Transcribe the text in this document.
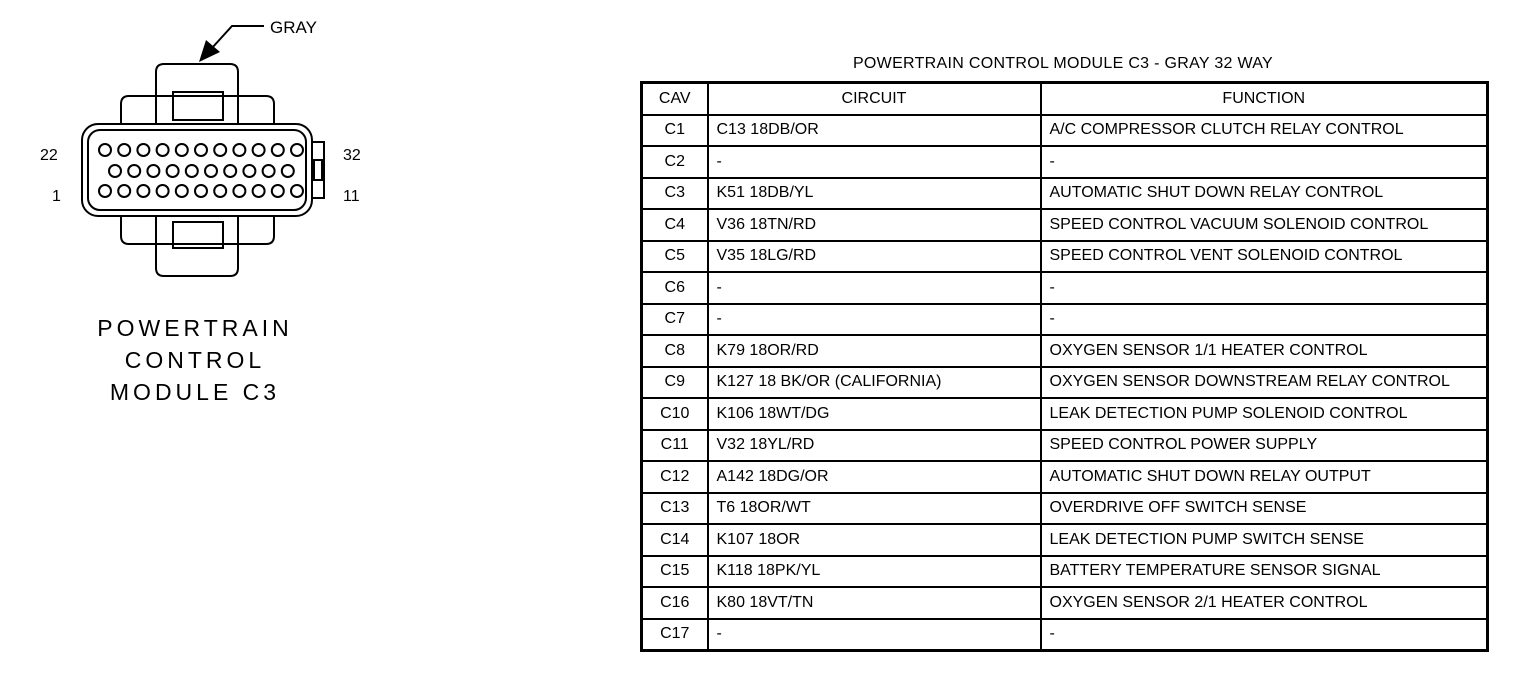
GRAY
22
1
32
11
POWERTRAIN
CONTROL
MODULE C3
POWERTRAIN CONTROL MODULE C3 - GRAY 32 WAY
CAV	CIRCUIT	FUNCTION
C1	C13 18DB/OR	A/C COMPRESSOR CLUTCH RELAY CONTROL
C2	-	-
C3	K51 18DB/YL	AUTOMATIC SHUT DOWN RELAY CONTROL
C4	V36 18TN/RD	SPEED CONTROL VACUUM SOLENOID CONTROL
C5	V35 18LG/RD	SPEED CONTROL VENT SOLENOID CONTROL
C6	-	-
C7	-	-
C8	K79 18OR/RD	OXYGEN SENSOR 1/1 HEATER CONTROL
C9	K127 18 BK/OR (CALIFORNIA)	OXYGEN SENSOR DOWNSTREAM RELAY CONTROL
C10	K106 18WT/DG	LEAK DETECTION PUMP SOLENOID CONTROL
C11	V32 18YL/RD	SPEED CONTROL POWER SUPPLY
C12	A142 18DG/OR	AUTOMATIC SHUT DOWN RELAY OUTPUT
C13	T6 18OR/WT	OVERDRIVE OFF SWITCH SENSE
C14	K107 18OR	LEAK DETECTION PUMP SWITCH SENSE
C15	K118 18PK/YL	BATTERY TEMPERATURE SENSOR SIGNAL
C16	K80 18VT/TN	OXYGEN SENSOR 2/1 HEATER CONTROL
C17	-	-
